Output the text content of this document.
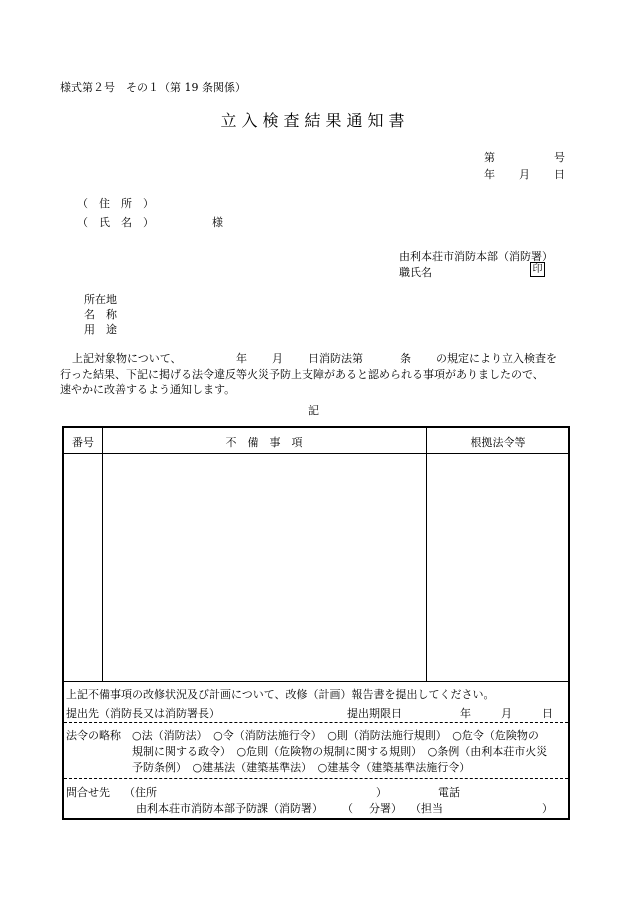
様式第２号　その１（第 19 条関係）
立入検査結果通知書
第	号
年 月 日
（　住　所　）
（　氏　名　）	様
由利本荘市消防本部（消防署）
職氏名	印
所在地
名　称
用　途
上記対象物について、	年 月 日消防法第	条 の規定により立入検査を
行った結果、下記に掲げる法令違反等火災予防上支障があると認められる事項がありましたので、
速やかに改善するよう通知します。
記
番号	不　備　事　項	根拠法令等
上記不備事項の改修状況及び計画について、改修（計画）報告書を提出してください。
提出先（消防長又は消防署長）	提出期限日	年	月	日
法令の略称 ○法（消防法）　○令（消防法施行令）　○則（消防法施行規則）　○危令（危険物の
規制に関する政令）　○危則（危険物の規制に関する規則）　○条例（由利本荘市火災
予防条例）　○建基法（建築基準法）　○建基令（建築基準法施行令）
問合せ先 （住所	）	電話
由利本荘市消防本部予防課（消防署） （ 分署） （担当	）
